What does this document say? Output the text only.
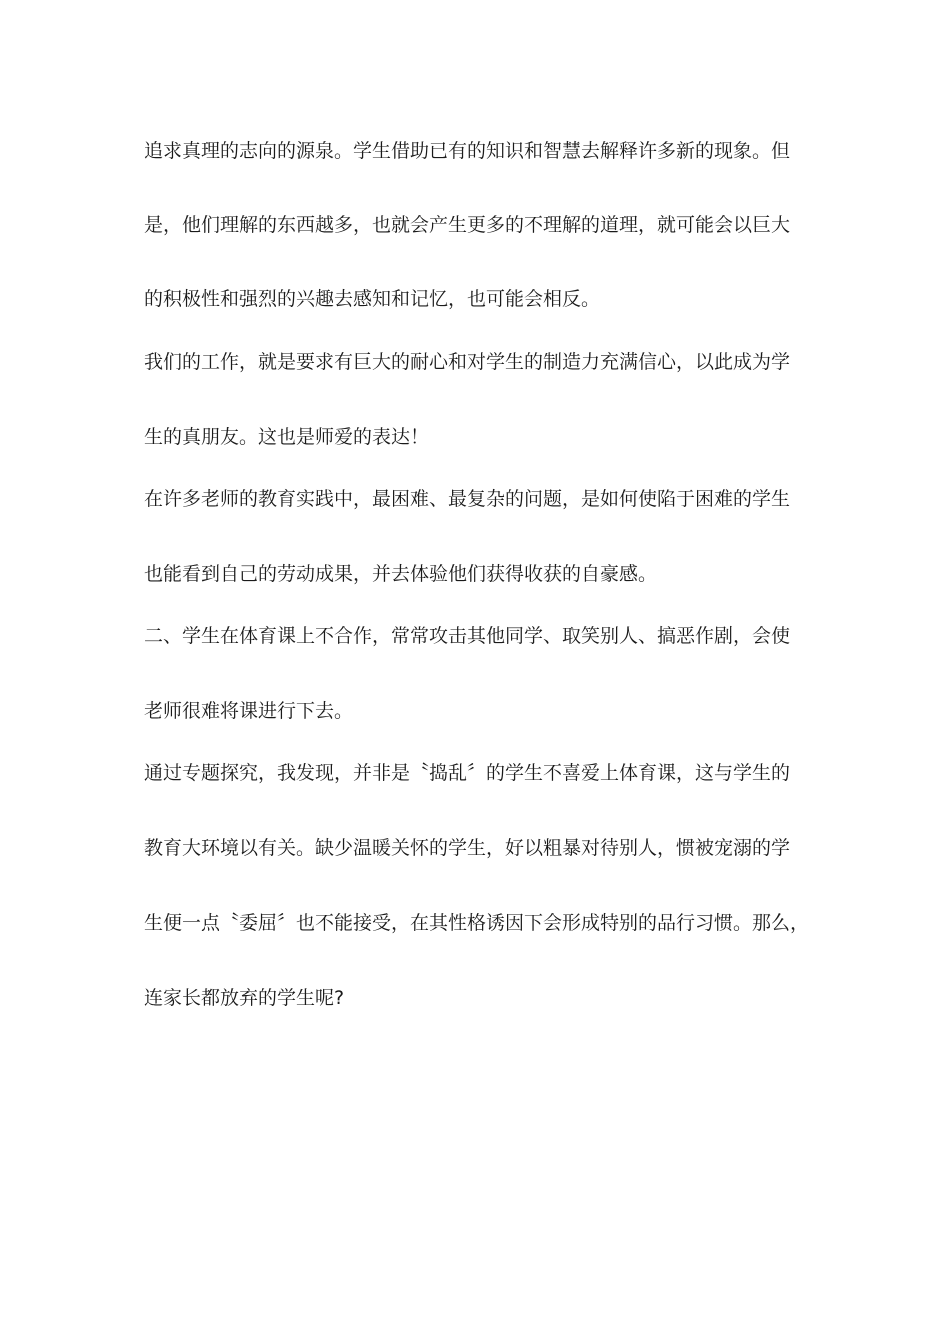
追求真理的志向的源泉。学生借助已有的知识和智慧去解释许多新的现象。但
是，他们理解的东西越多，也就会产生更多的不理解的道理，就可能会以巨大
的积极性和强烈的兴趣去感知和记忆，也可能会相反。
我们的工作，就是要求有巨大的耐心和对学生的制造力充满信心，以此成为学
生的真朋友。这也是师爱的表达！
在许多老师的教育实践中，最困难、最复杂的问题，是如何使陷于困难的学生
也能看到自己的劳动成果，并去体验他们获得收获的自豪感。
二、学生在体育课上不合作，常常攻击其他同学、取笑别人、搞恶作剧，会使
老师很难将课进行下去。
通过专题探究，我发现，并非是〝捣乱〞的学生不喜爱上体育课，这与学生的
教育大环境以有关。缺少温暖关怀的学生，好以粗暴对待别人，惯被宠溺的学
生便一点〝委屈〞也不能接受，在其性格诱因下会形成特别的品行习惯。那么，
连家长都放弃的学生呢?
